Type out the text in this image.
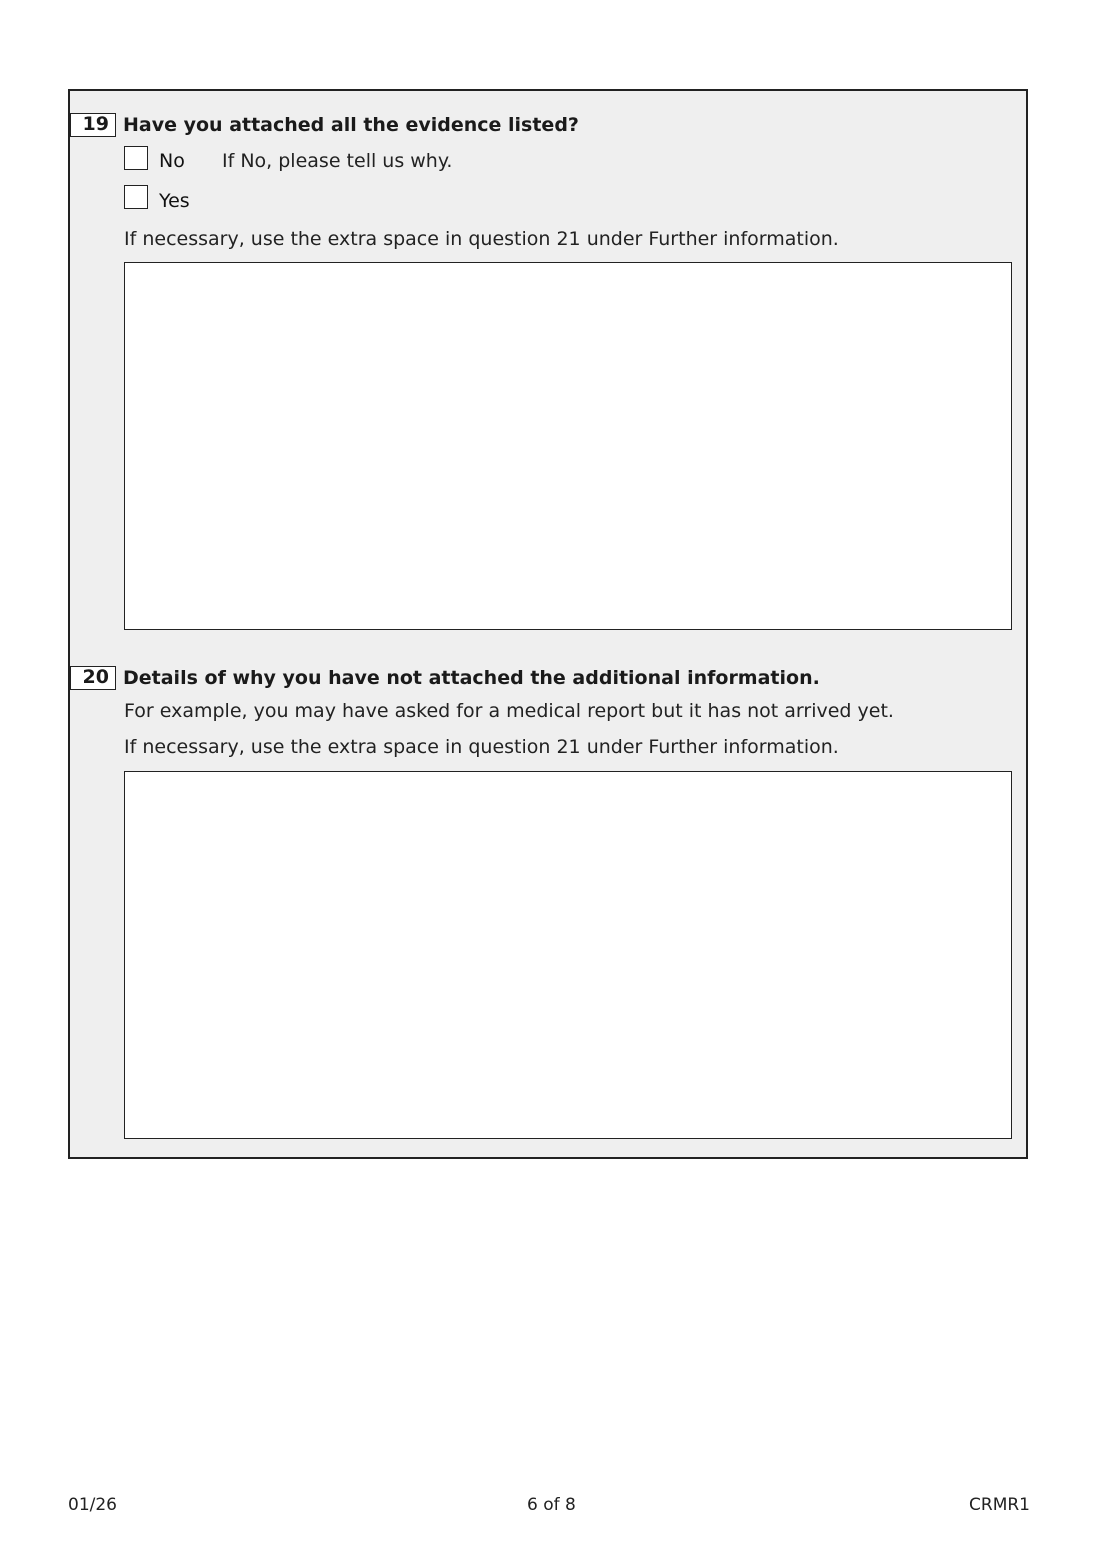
19 Have you attached all the evidence listed?
No If No, please tell us why.
Yes
If necessary, use the extra space in question 21 under Further information.
20 Details of why you have not attached the additional information.
For example, you may have asked for a medical report but it has not arrived yet.
If necessary, use the extra space in question 21 under Further information.
01/26	6 of 8	CRMR1
